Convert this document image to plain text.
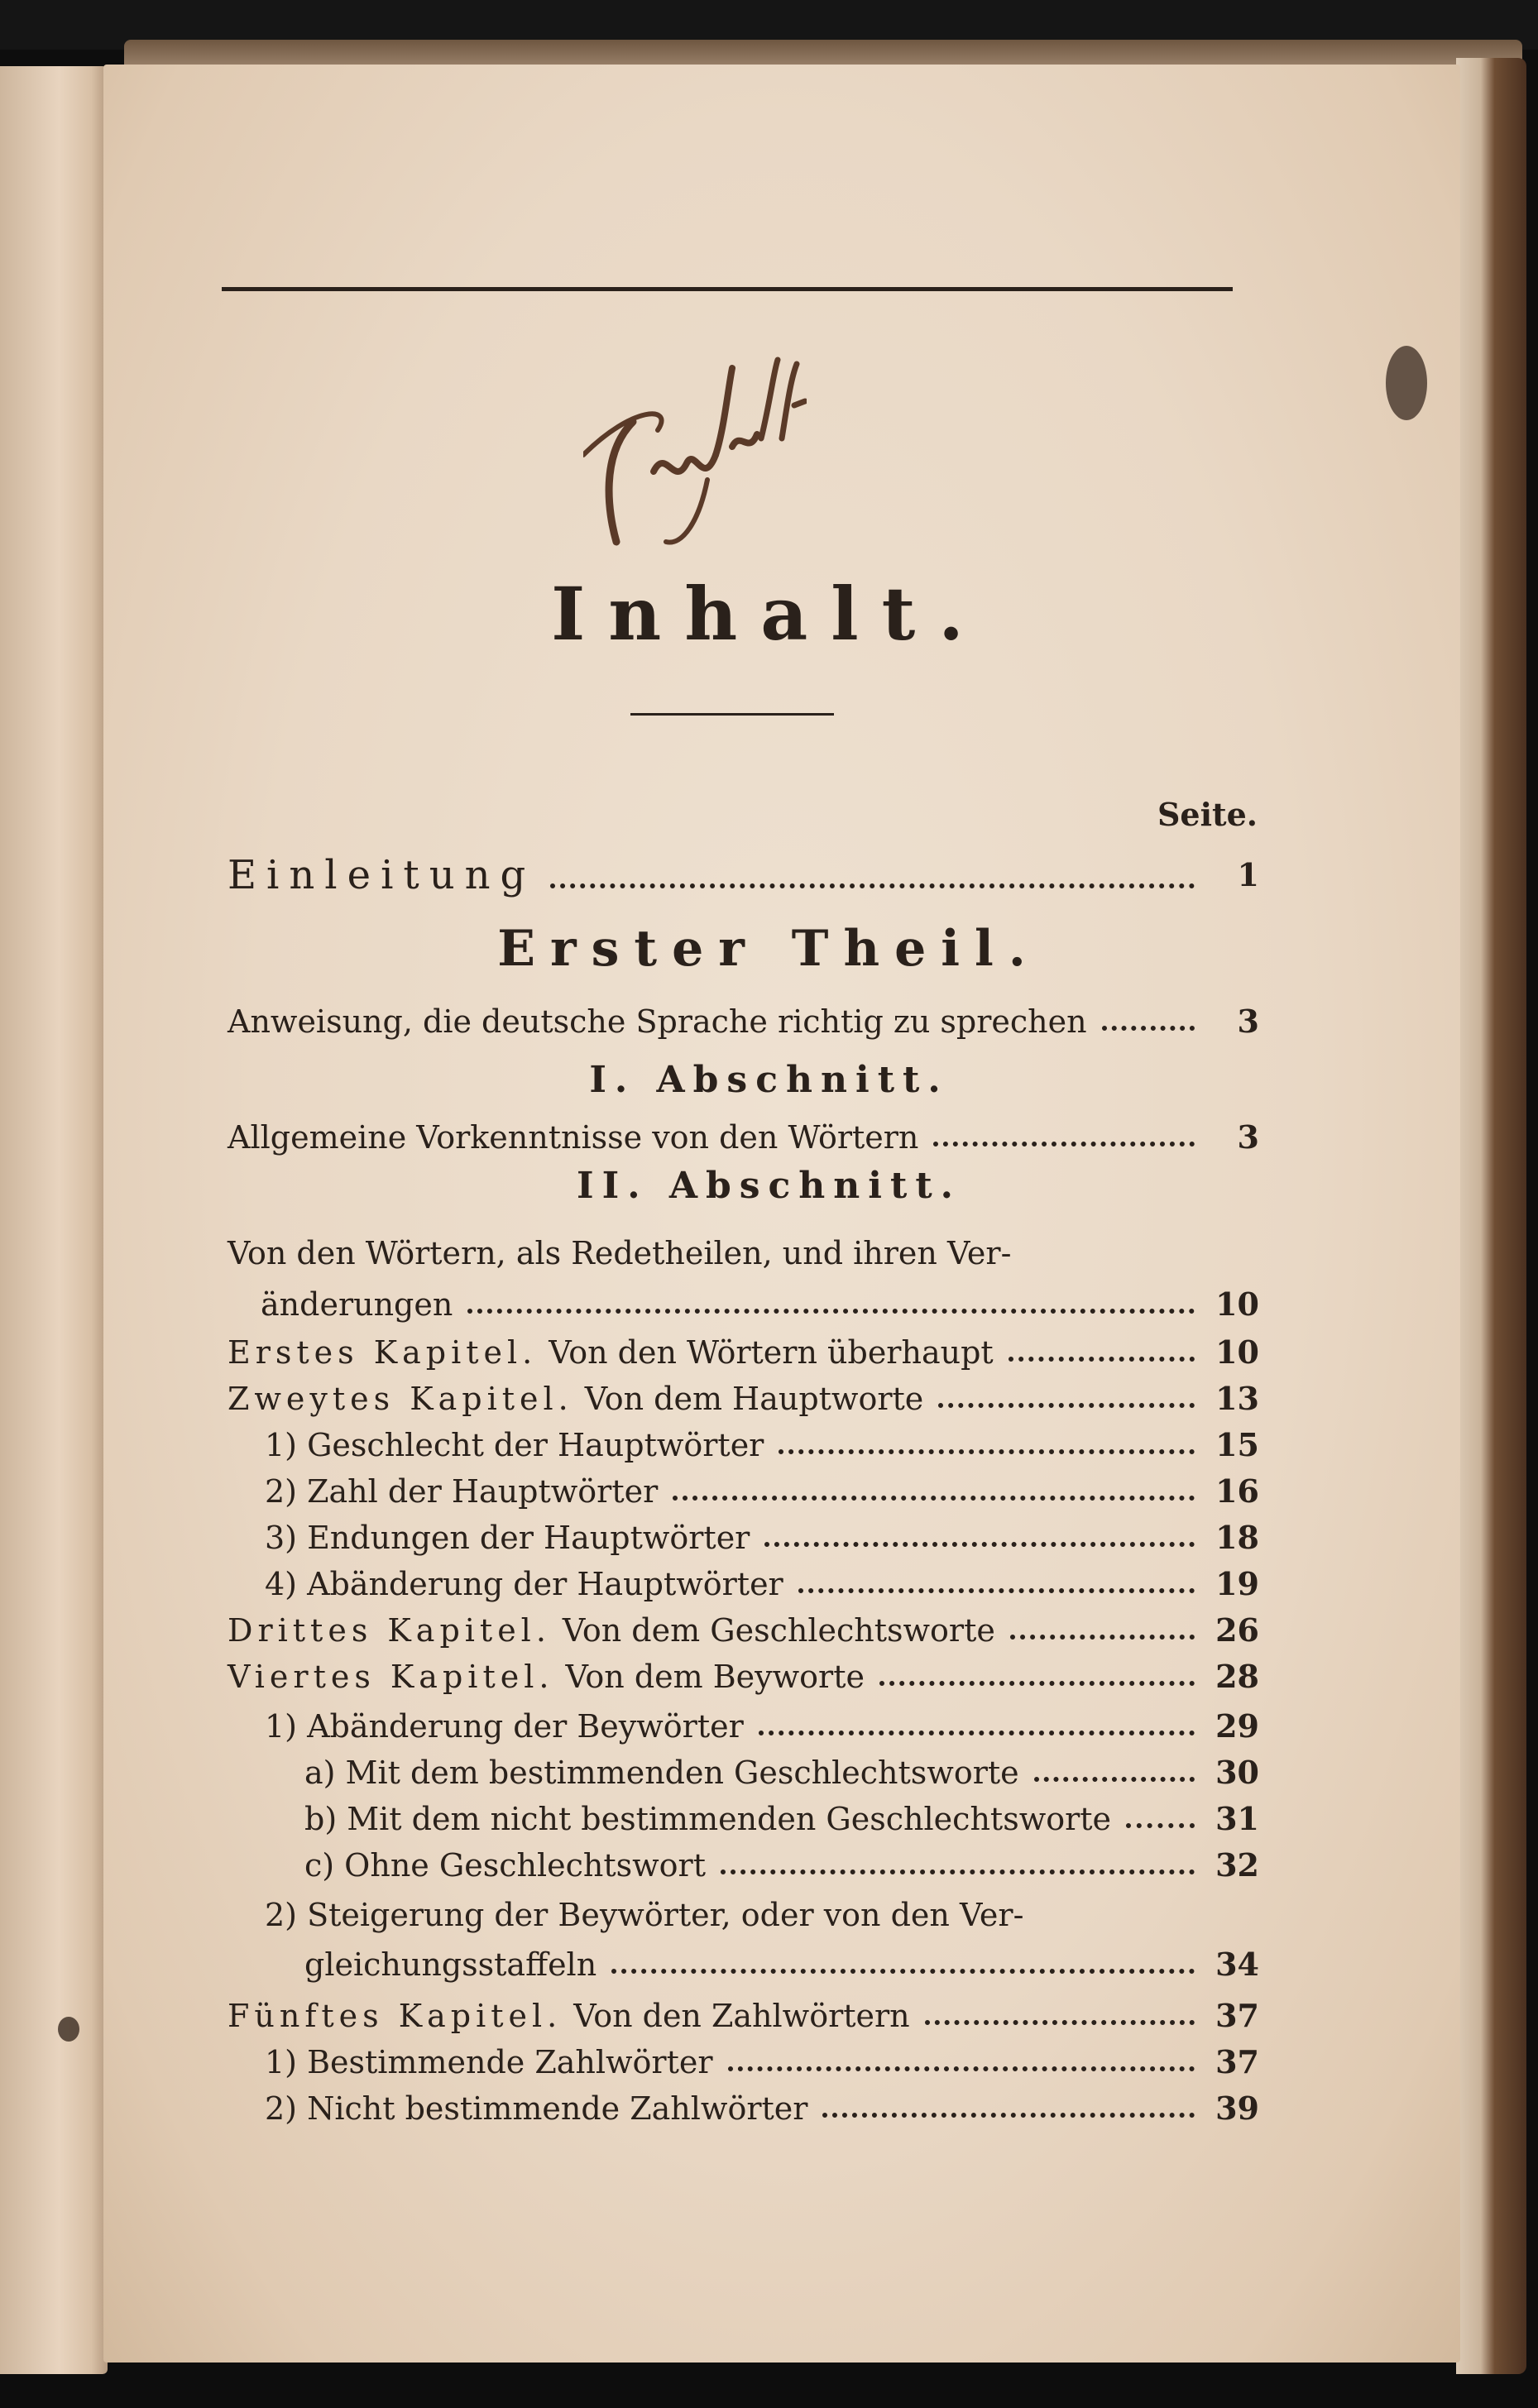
Inhalt.
Seite.
Einleitung	1
Erster Theil.
Anweisung, die deutsche Sprache richtig zu sprechen	3
I. Abschnitt.
Allgemeine Vorkenntnisse von den Wörtern	3
II. Abschnitt.
Von den Wörtern, als Redetheilen, und ihren Ver-
änderungen	10
Erstes Kapitel. Von den Wörtern überhaupt	10
Zweytes Kapitel. Von dem Hauptworte	13
1) Geschlecht der Hauptwörter	15
2) Zahl der Hauptwörter	16
3) Endungen der Hauptwörter	18
4) Abänderung der Hauptwörter	19
Drittes Kapitel. Von dem Geschlechtsworte	26
Viertes Kapitel. Von dem Beyworte	28
1) Abänderung der Beywörter	29
a) Mit dem bestimmenden Geschlechtsworte	30
b) Mit dem nicht bestimmenden Geschlechtsworte	31
c) Ohne Geschlechtswort	32
2) Steigerung der Beywörter, oder von den Ver-
gleichungsstaffeln	34
Fünftes Kapitel. Von den Zahlwörtern	37
1) Bestimmende Zahlwörter	37
2) Nicht bestimmende Zahlwörter	39
